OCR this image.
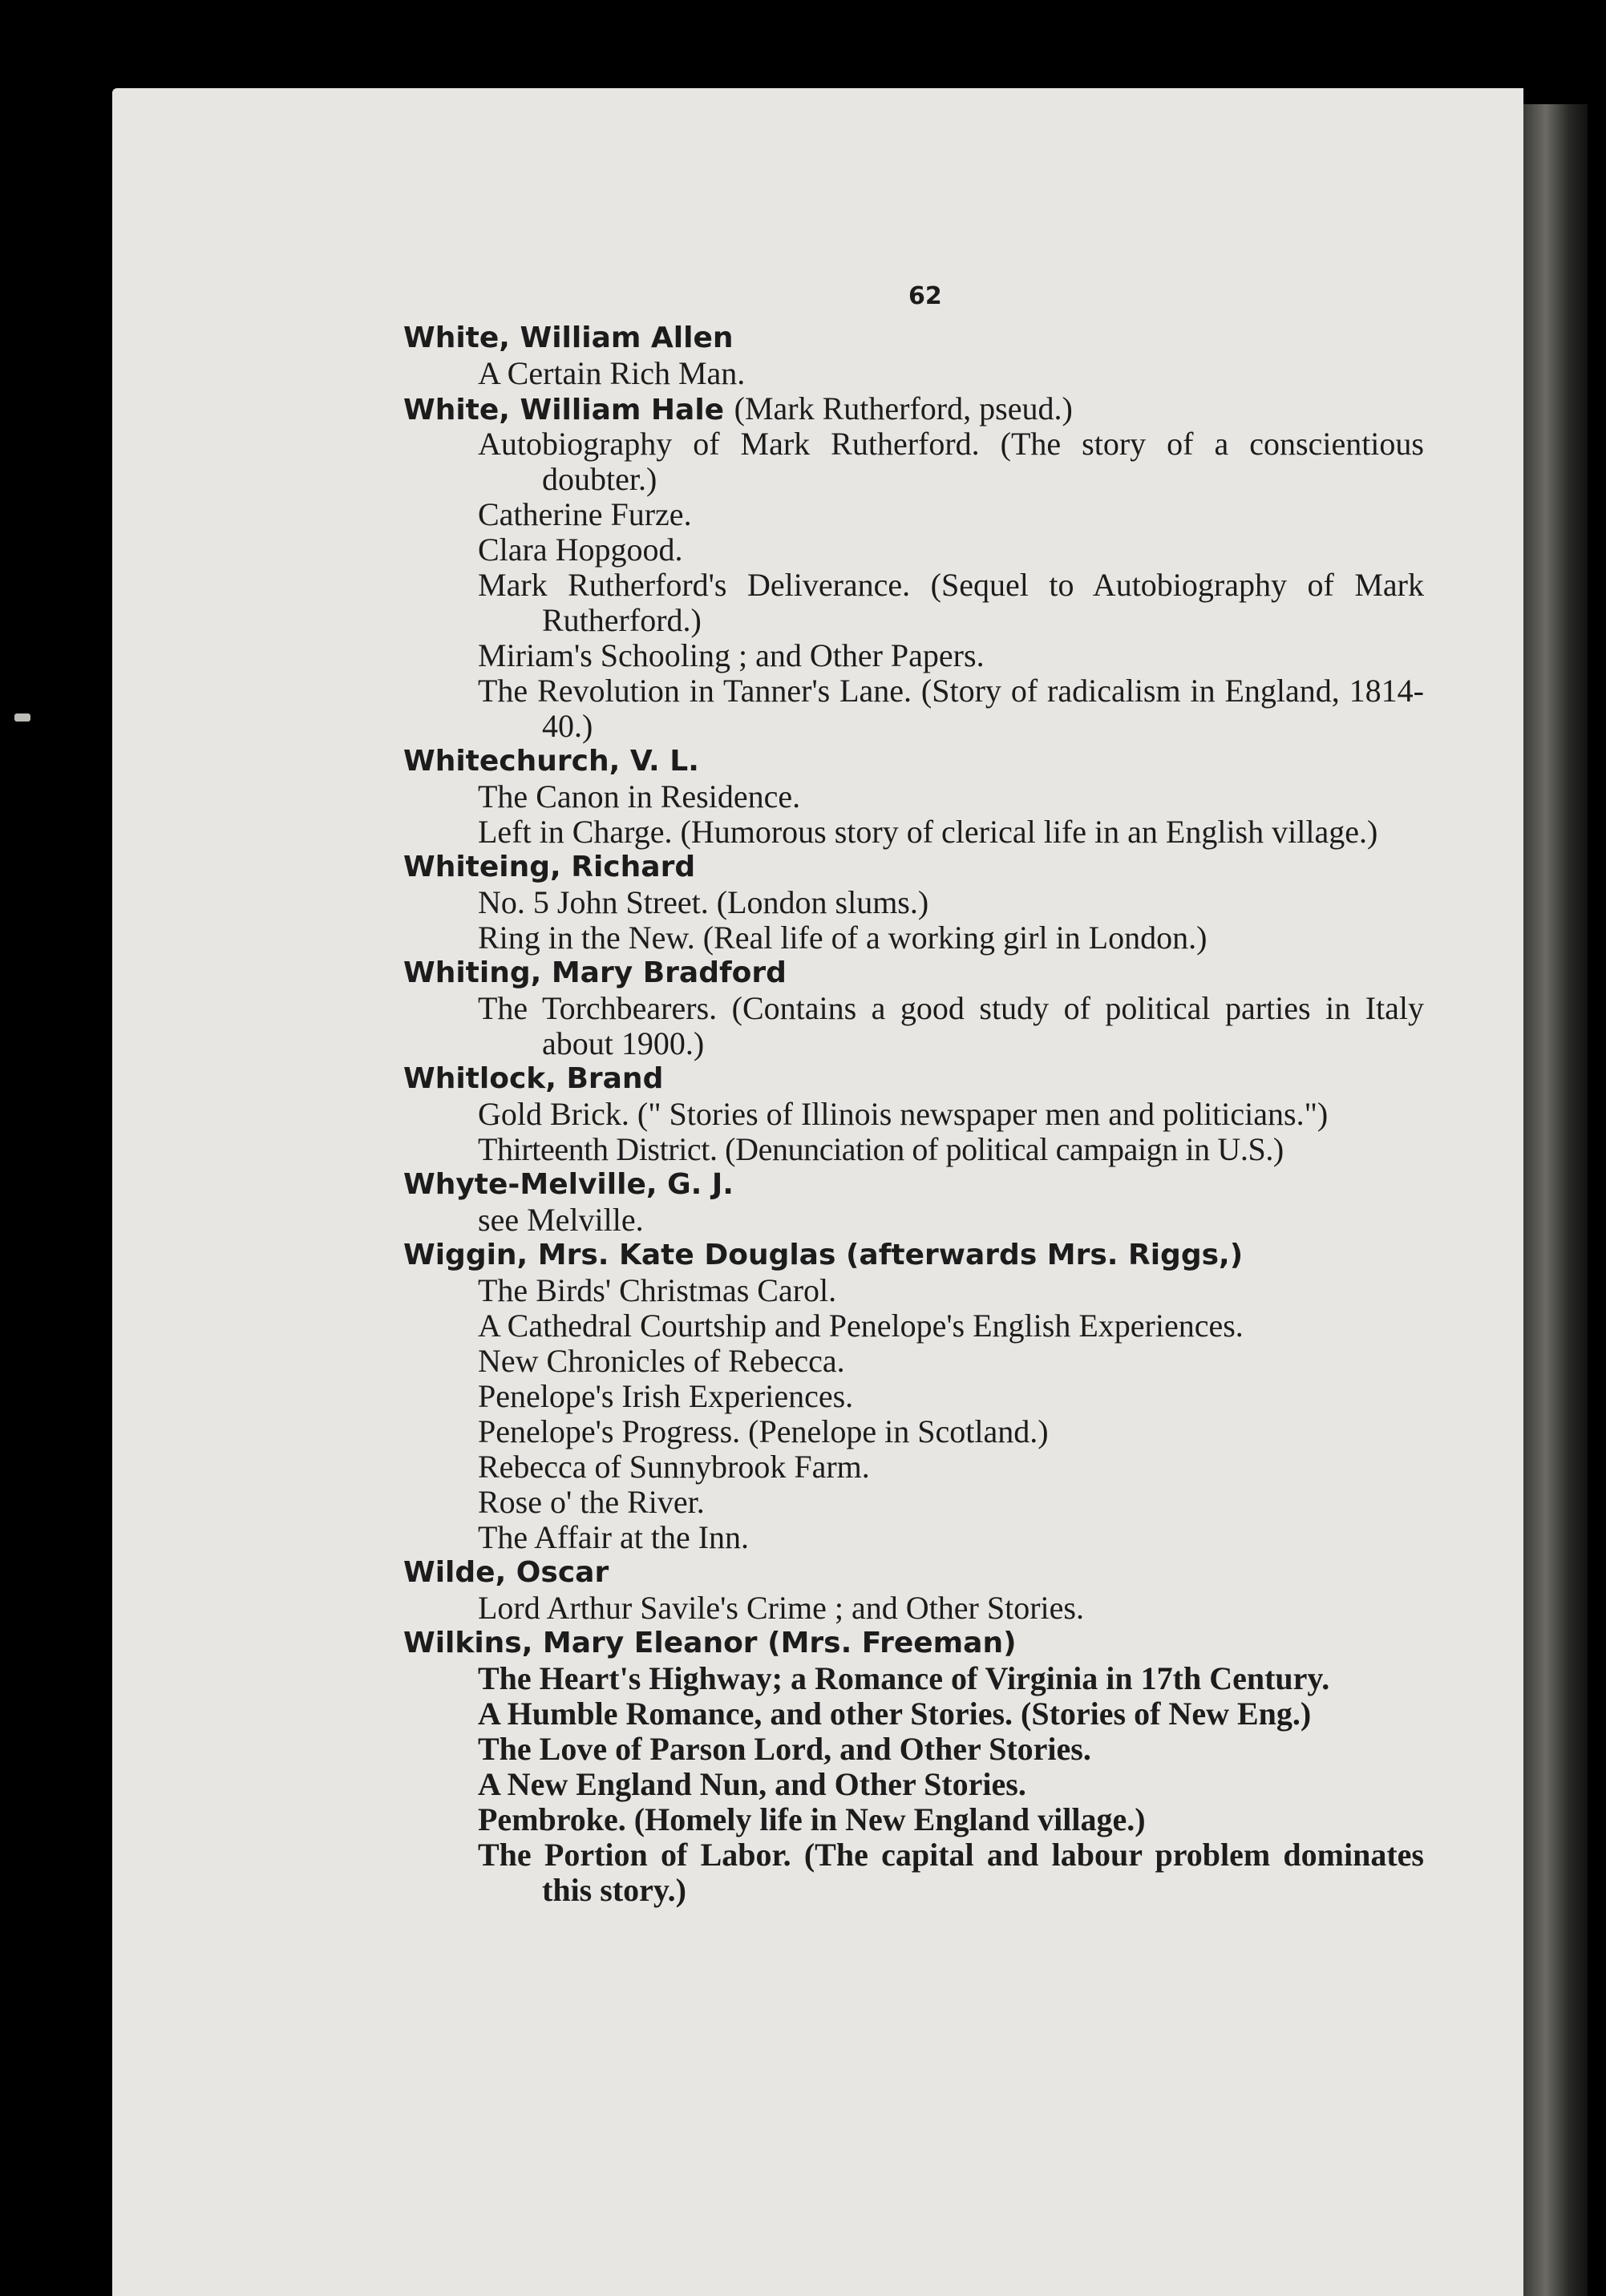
62
White, William Allen
A Certain Rich Man.
White, William Hale (Mark Rutherford, pseud.)
Autobiography of Mark Rutherford. (The story of a conscientious doubter.)
Catherine Furze.
Clara Hopgood.
Mark Rutherford's Deliverance. (Sequel to Autobiography of Mark Rutherford.)
Miriam's Schooling ; and Other Papers.
The Revolution in Tanner's Lane. (Story of radicalism in England, 1814-40.)
Whitechurch, V. L.
The Canon in Residence.
Left in Charge. (Humorous story of clerical life in an English village.)
Whiteing, Richard
No. 5 John Street. (London slums.)
Ring in the New. (Real life of a working girl in London.)
Whiting, Mary Bradford
The Torchbearers. (Contains a good study of political parties in Italy about 1900.)
Whitlock, Brand
Gold Brick. (" Stories of Illinois newspaper men and politicians.")
Thirteenth District. (Denunciation of political campaign in U.S.)
Whyte-Melville, G. J.
see Melville.
Wiggin, Mrs. Kate Douglas (afterwards Mrs. Riggs,)
The Birds' Christmas Carol.
A Cathedral Courtship and Penelope's English Experiences.
New Chronicles of Rebecca.
Penelope's Irish Experiences.
Penelope's Progress. (Penelope in Scotland.)
Rebecca of Sunnybrook Farm.
Rose o' the River.
The Affair at the Inn.
Wilde, Oscar
Lord Arthur Savile's Crime ; and Other Stories.
Wilkins, Mary Eleanor (Mrs. Freeman)
The Heart's Highway; a Romance of Virginia in 17th Century.
A Humble Romance, and other Stories. (Stories of New Eng.)
The Love of Parson Lord, and Other Stories.
A New England Nun, and Other Stories.
Pembroke. (Homely life in New England village.)
The Portion of Labor. (The capital and labour problem dominates this story.)
